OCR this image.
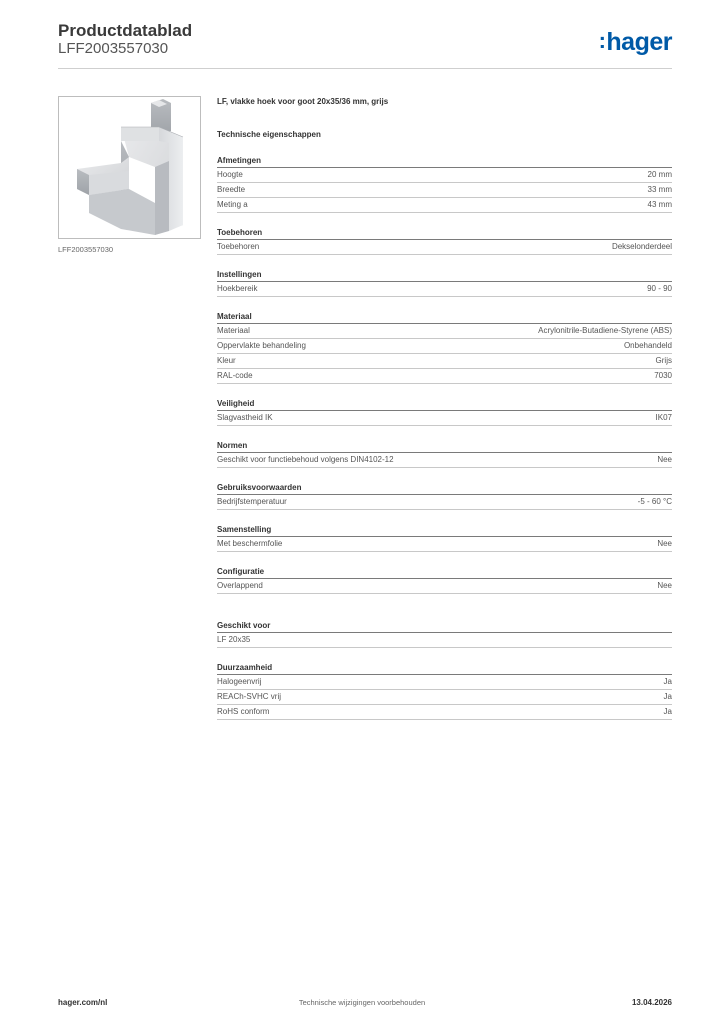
Productdatablad
LFF2003557030	:hager
LFF2003557030
LF, vlakke hoek voor goot 20x35/36 mm, grijs
Technische eigenschappen
Afmetingen
Hoogte	20 mm
Breedte	33 mm
Meting a	43 mm
Toebehoren
Toebehoren	Dekselonderdeel
Instellingen
Hoekbereik	90 - 90
Materiaal
Materiaal	Acrylonitrile-Butadiene-Styrene (ABS)
Oppervlakte behandeling	Onbehandeld
Kleur	Grijs
RAL-code	7030
Veiligheid
Slagvastheid IK	IK07
Normen
Geschikt voor functiebehoud volgens DIN4102-12	Nee
Gebruiksvoorwaarden
Bedrijfstemperatuur	-5 - 60 °C
Samenstelling
Met beschermfolie	Nee
Configuratie
Overlappend	Nee
Geschikt voor
LF 20x35
Duurzaamheid
Halogeenvrij	Ja
REACh-SVHC vrij	Ja
RoHS conform	Ja
hager.com/nl	Technische wijzigingen voorbehouden	13.04.2026
